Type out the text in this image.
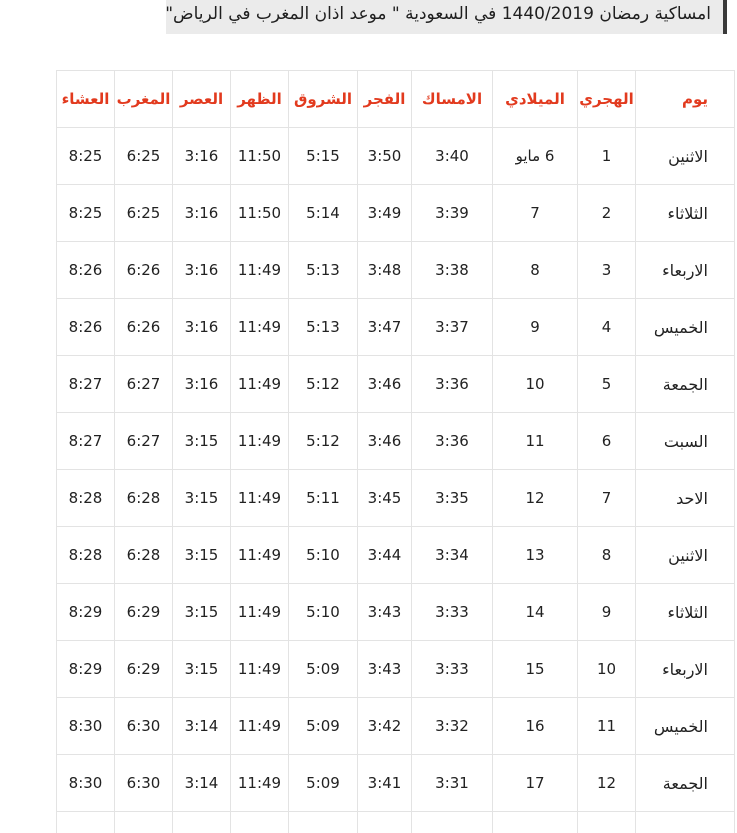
امساكية رمضان 1440/2019 في السعودية " موعد اذان المغرب في الرياض"
يوم	الهجري	الميلادي	الامساك	الفجر	الشروق	الظهر	العصر	المغرب	العشاء
الاثنين	1	6 مايو	3:40	3:50	5:15	11:50	3:16	6:25	8:25
الثلاثاء	2	7	3:39	3:49	5:14	11:50	3:16	6:25	8:25
الاربعاء	3	8	3:38	3:48	5:13	11:49	3:16	6:26	8:26
الخميس	4	9	3:37	3:47	5:13	11:49	3:16	6:26	8:26
الجمعة	5	10	3:36	3:46	5:12	11:49	3:16	6:27	8:27
السبت	6	11	3:36	3:46	5:12	11:49	3:15	6:27	8:27
الاحد	7	12	3:35	3:45	5:11	11:49	3:15	6:28	8:28
الاثنين	8	13	3:34	3:44	5:10	11:49	3:15	6:28	8:28
الثلاثاء	9	14	3:33	3:43	5:10	11:49	3:15	6:29	8:29
الاربعاء	10	15	3:33	3:43	5:09	11:49	3:15	6:29	8:29
الخميس	11	16	3:32	3:42	5:09	11:49	3:14	6:30	8:30
الجمعة	12	17	3:31	3:41	5:09	11:49	3:14	6:30	8:30
